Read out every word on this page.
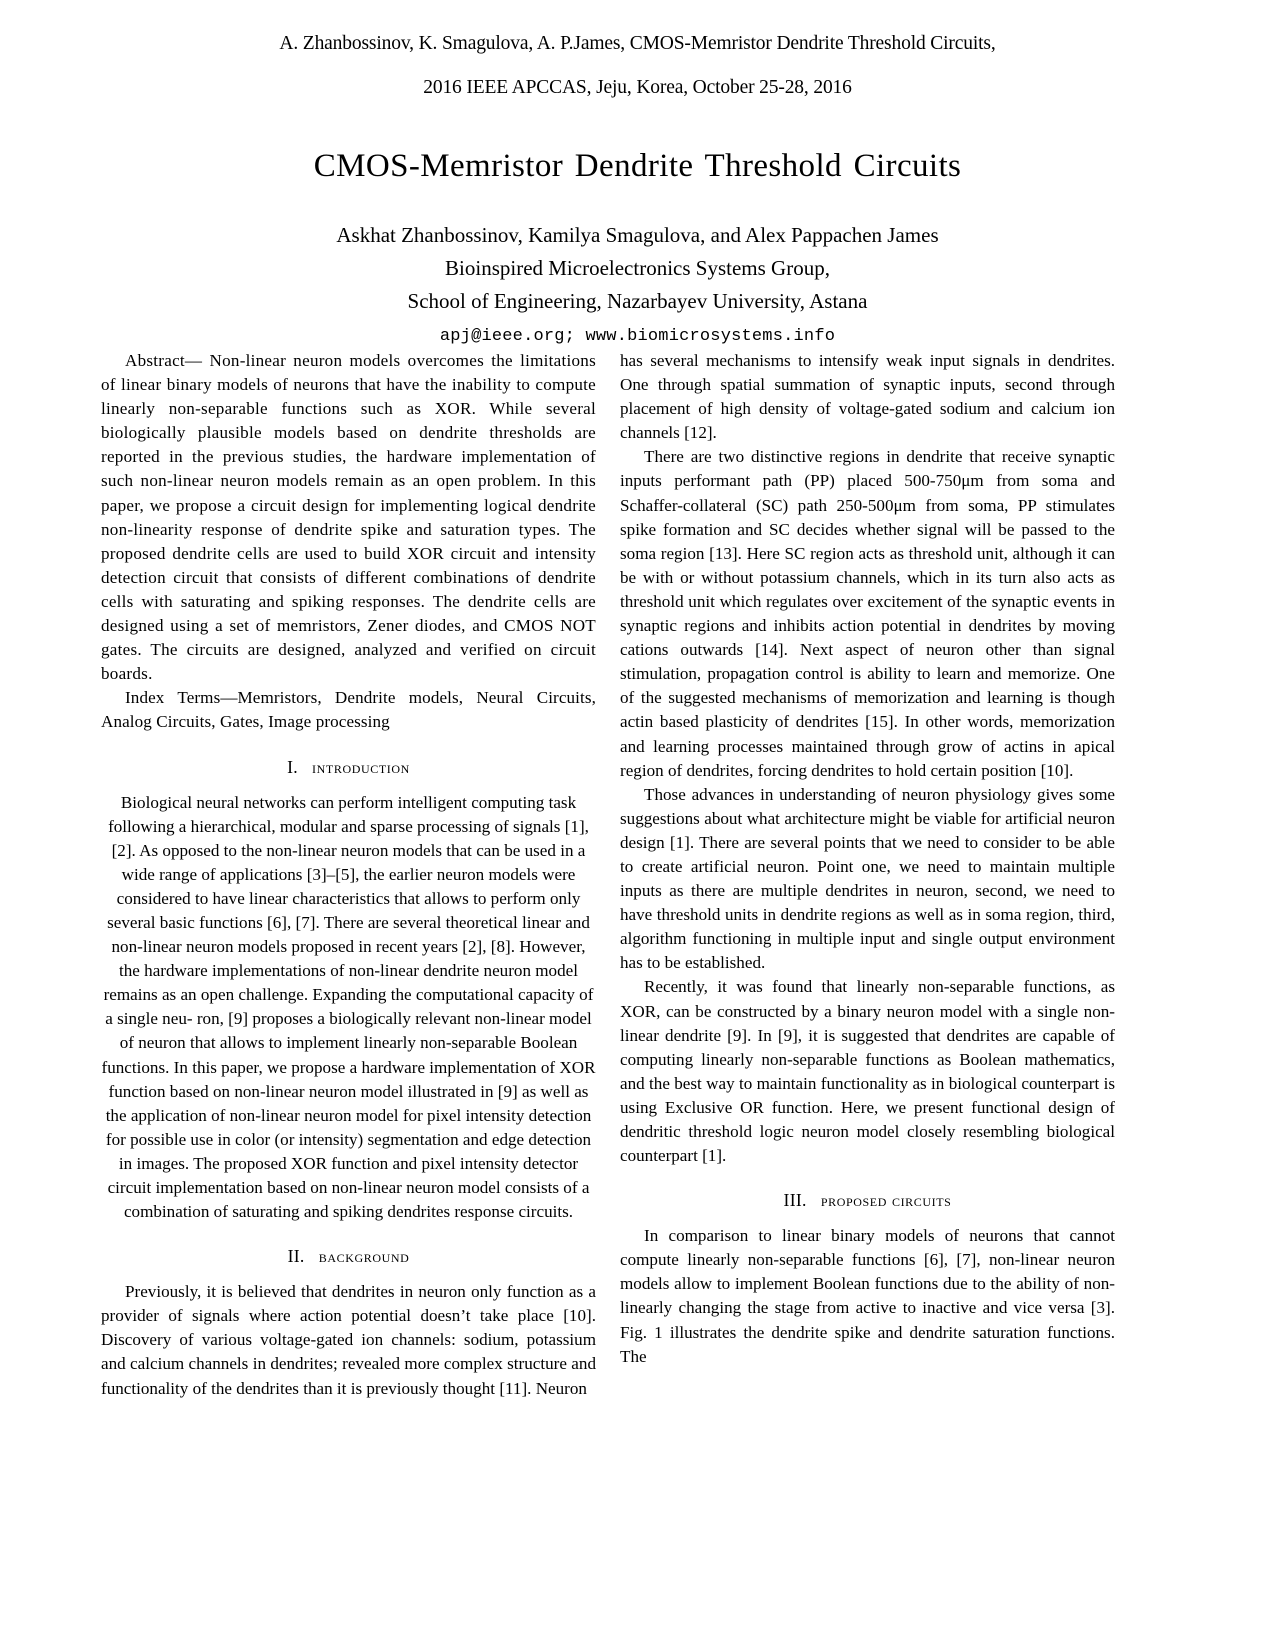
A. Zhanbossinov, K. Smagulova, A. P.James, CMOS-Memristor Dendrite Threshold Circuits,
2016 IEEE APCCAS, Jeju, Korea, October 25-28, 2016
CMOS-Memristor Dendrite Threshold Circuits
Askhat Zhanbossinov, Kamilya Smagulova, and Alex Pappachen James
Bioinspired Microelectronics Systems Group,
School of Engineering, Nazarbayev University, Astana
apj@ieee.org; www.biomicrosystems.info

Abstract— Non-linear neuron models overcomes the limitations of linear binary models of neurons that have the inability to compute linearly non-separable functions such as XOR. While several biologically plausible models based on dendrite thresholds are reported in the previous studies, the hardware implementation of such non-linear neuron models remain as an open problem. In this paper, we propose a circuit design for implementing logical dendrite non-linearity response of dendrite spike and saturation types. The proposed dendrite cells are used to build XOR circuit and intensity detection circuit that consists of different combinations of dendrite cells with saturating and spiking responses. The dendrite cells are designed using a set of memristors, Zener diodes, and CMOS NOT gates. The circuits are designed, analyzed and verified on circuit boards.

Index Terms—Memristors, Dendrite models, Neural Circuits, Analog Circuits, Gates, Image processing

I. introduction

Biological neural networks can perform intelligent computing task following a hierarchical, modular and sparse processing of signals [1], [2]. As opposed to the non-linear neuron models that can be used in a wide range of applications [3]–[5], the earlier neuron models were considered to have linear characteristics that allows to perform only several basic functions [6], [7]. There are several theoretical linear and non-linear neuron models proposed in recent years [2], [8]. However, the hardware implementations of non-linear dendrite neuron model remains as an open challenge. Expanding the computational capacity of a single neu- ron, [9] proposes a biologically relevant non-linear model of neuron that allows to implement linearly non-separable Boolean functions. In this paper, we propose a hardware implementation of XOR function based on non-linear neuron model illustrated in [9] as well as the application of non-linear neuron model for pixel intensity detection for possible use in color (or intensity) segmentation and edge detection in images. The proposed XOR function and pixel intensity detector circuit implementation based on non-linear neuron model consists of a combination of saturating and spiking dendrites response circuits.

II. background

Previously, it is believed that dendrites in neuron only function as a provider of signals where action potential doesn’t take place [10]. Discovery of various voltage-gated ion channels: sodium, potassium and calcium channels in dendrites; revealed more complex structure and functionality of the dendrites than it is previously thought [11]. Neuron

has several mechanisms to intensify weak input signals in dendrites. One through spatial summation of synaptic inputs, second through placement of high density of voltage-gated sodium and calcium ion channels [12].

There are two distinctive regions in dendrite that receive synaptic inputs performant path (PP) placed 500-750μm from soma and Schaffer-collateral (SC) path 250-500μm from soma, PP stimulates spike formation and SC decides whether signal will be passed to the soma region [13]. Here SC region acts as threshold unit, although it can be with or without potassium channels, which in its turn also acts as threshold unit which regulates over excitement of the synaptic events in synaptic regions and inhibits action potential in dendrites by moving cations outwards [14]. Next aspect of neuron other than signal stimulation, propagation control is ability to learn and memorize. One of the suggested mechanisms of memorization and learning is though actin based plasticity of dendrites [15]. In other words, memorization and learning processes maintained through grow of actins in apical region of dendrites, forcing dendrites to hold certain position [10].

Those advances in understanding of neuron physiology gives some suggestions about what architecture might be viable for artificial neuron design [1]. There are several points that we need to consider to be able to create artificial neuron. Point one, we need to maintain multiple inputs as there are multiple dendrites in neuron, second, we need to have threshold units in dendrite regions as well as in soma region, third, algorithm functioning in multiple input and single output environment has to be established.

Recently, it was found that linearly non-separable functions, as XOR, can be constructed by a binary neuron model with a single non-linear dendrite [9]. In [9], it is suggested that dendrites are capable of computing linearly non-separable functions as Boolean mathematics, and the best way to maintain functionality as in biological counterpart is using Exclusive OR function. Here, we present functional design of dendritic threshold logic neuron model closely resembling biological counterpart [1].

III. proposed circuits

In comparison to linear binary models of neurons that cannot compute linearly non-separable functions [6], [7], non-linear neuron models allow to implement Boolean functions due to the ability of non-linearly changing the stage from active to inactive and vice versa [3]. Fig. 1 illustrates the dendrite spike and dendrite saturation functions. The
